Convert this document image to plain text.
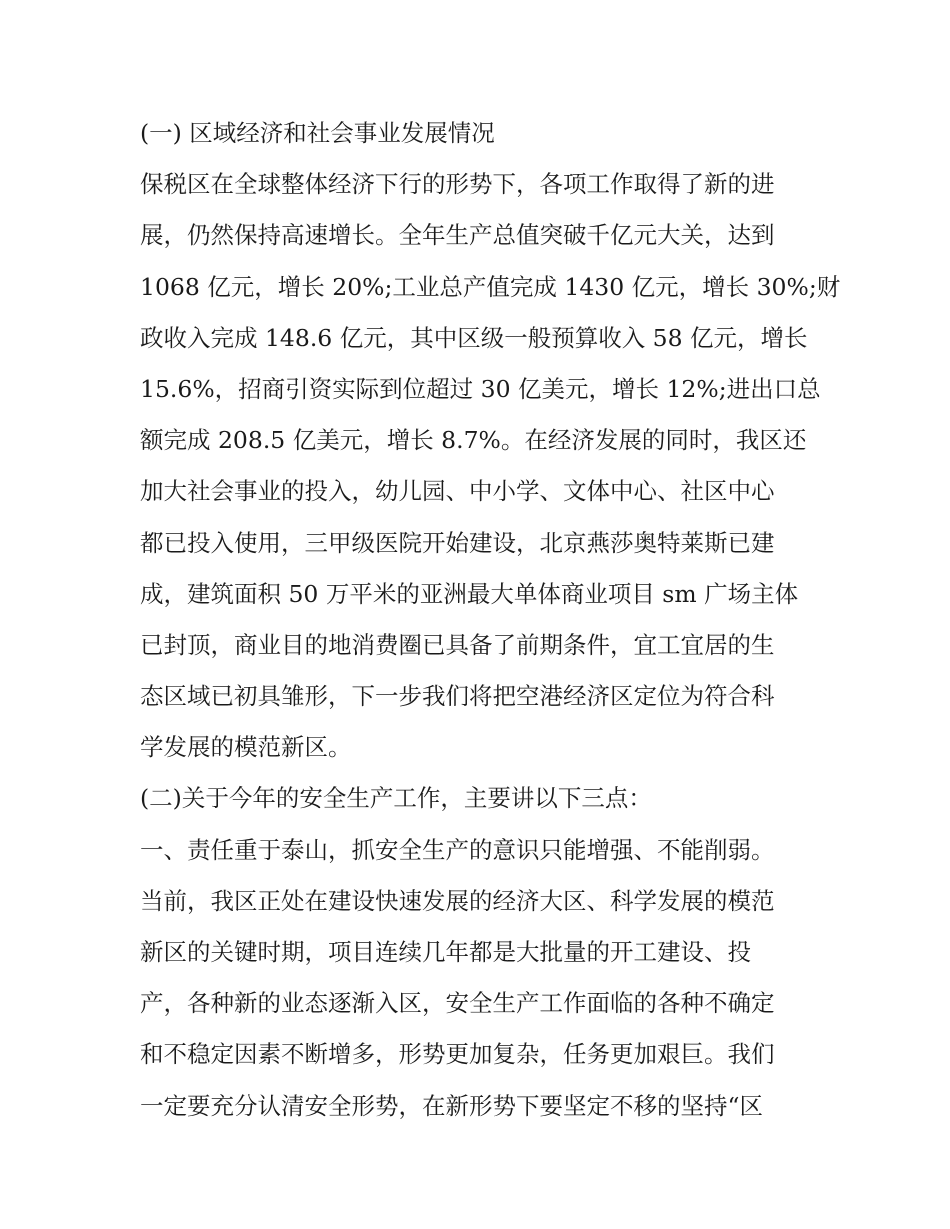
(一) 区域经济和社会事业发展情况
保税区在全球整体经济下行的形势下，各项工作取得了新的进
展，仍然保持高速增长。全年生产总值突破千亿元大关，达到
1068 亿元，增长 20%;工业总产值完成 1430 亿元，增长 30%;财
政收入完成 148.6 亿元，其中区级一般预算收入 58 亿元，增长
15.6%，招商引资实际到位超过 30 亿美元，增长 12%;进出口总
额完成 208.5 亿美元，增长 8.7%。在经济发展的同时，我区还
加大社会事业的投入，幼儿园、中小学、文体中心、社区中心
都已投入使用，三甲级医院开始建设，北京燕莎奥特莱斯已建
成，建筑面积 50 万平米的亚洲最大单体商业项目 sm 广场主体
已封顶，商业目的地消费圈已具备了前期条件，宜工宜居的生
态区域已初具雏形，下一步我们将把空港经济区定位为符合科
学发展的模范新区。
(二)关于今年的安全生产工作，主要讲以下三点：
一、责任重于泰山，抓安全生产的意识只能增强、不能削弱。
当前，我区正处在建设快速发展的经济大区、科学发展的模范
新区的关键时期，项目连续几年都是大批量的开工建设、投
产，各种新的业态逐渐入区，安全生产工作面临的各种不确定
和不稳定因素不断增多，形势更加复杂，任务更加艰巨。我们
一定要充分认清安全形势，在新形势下要坚定不移的坚持“区
